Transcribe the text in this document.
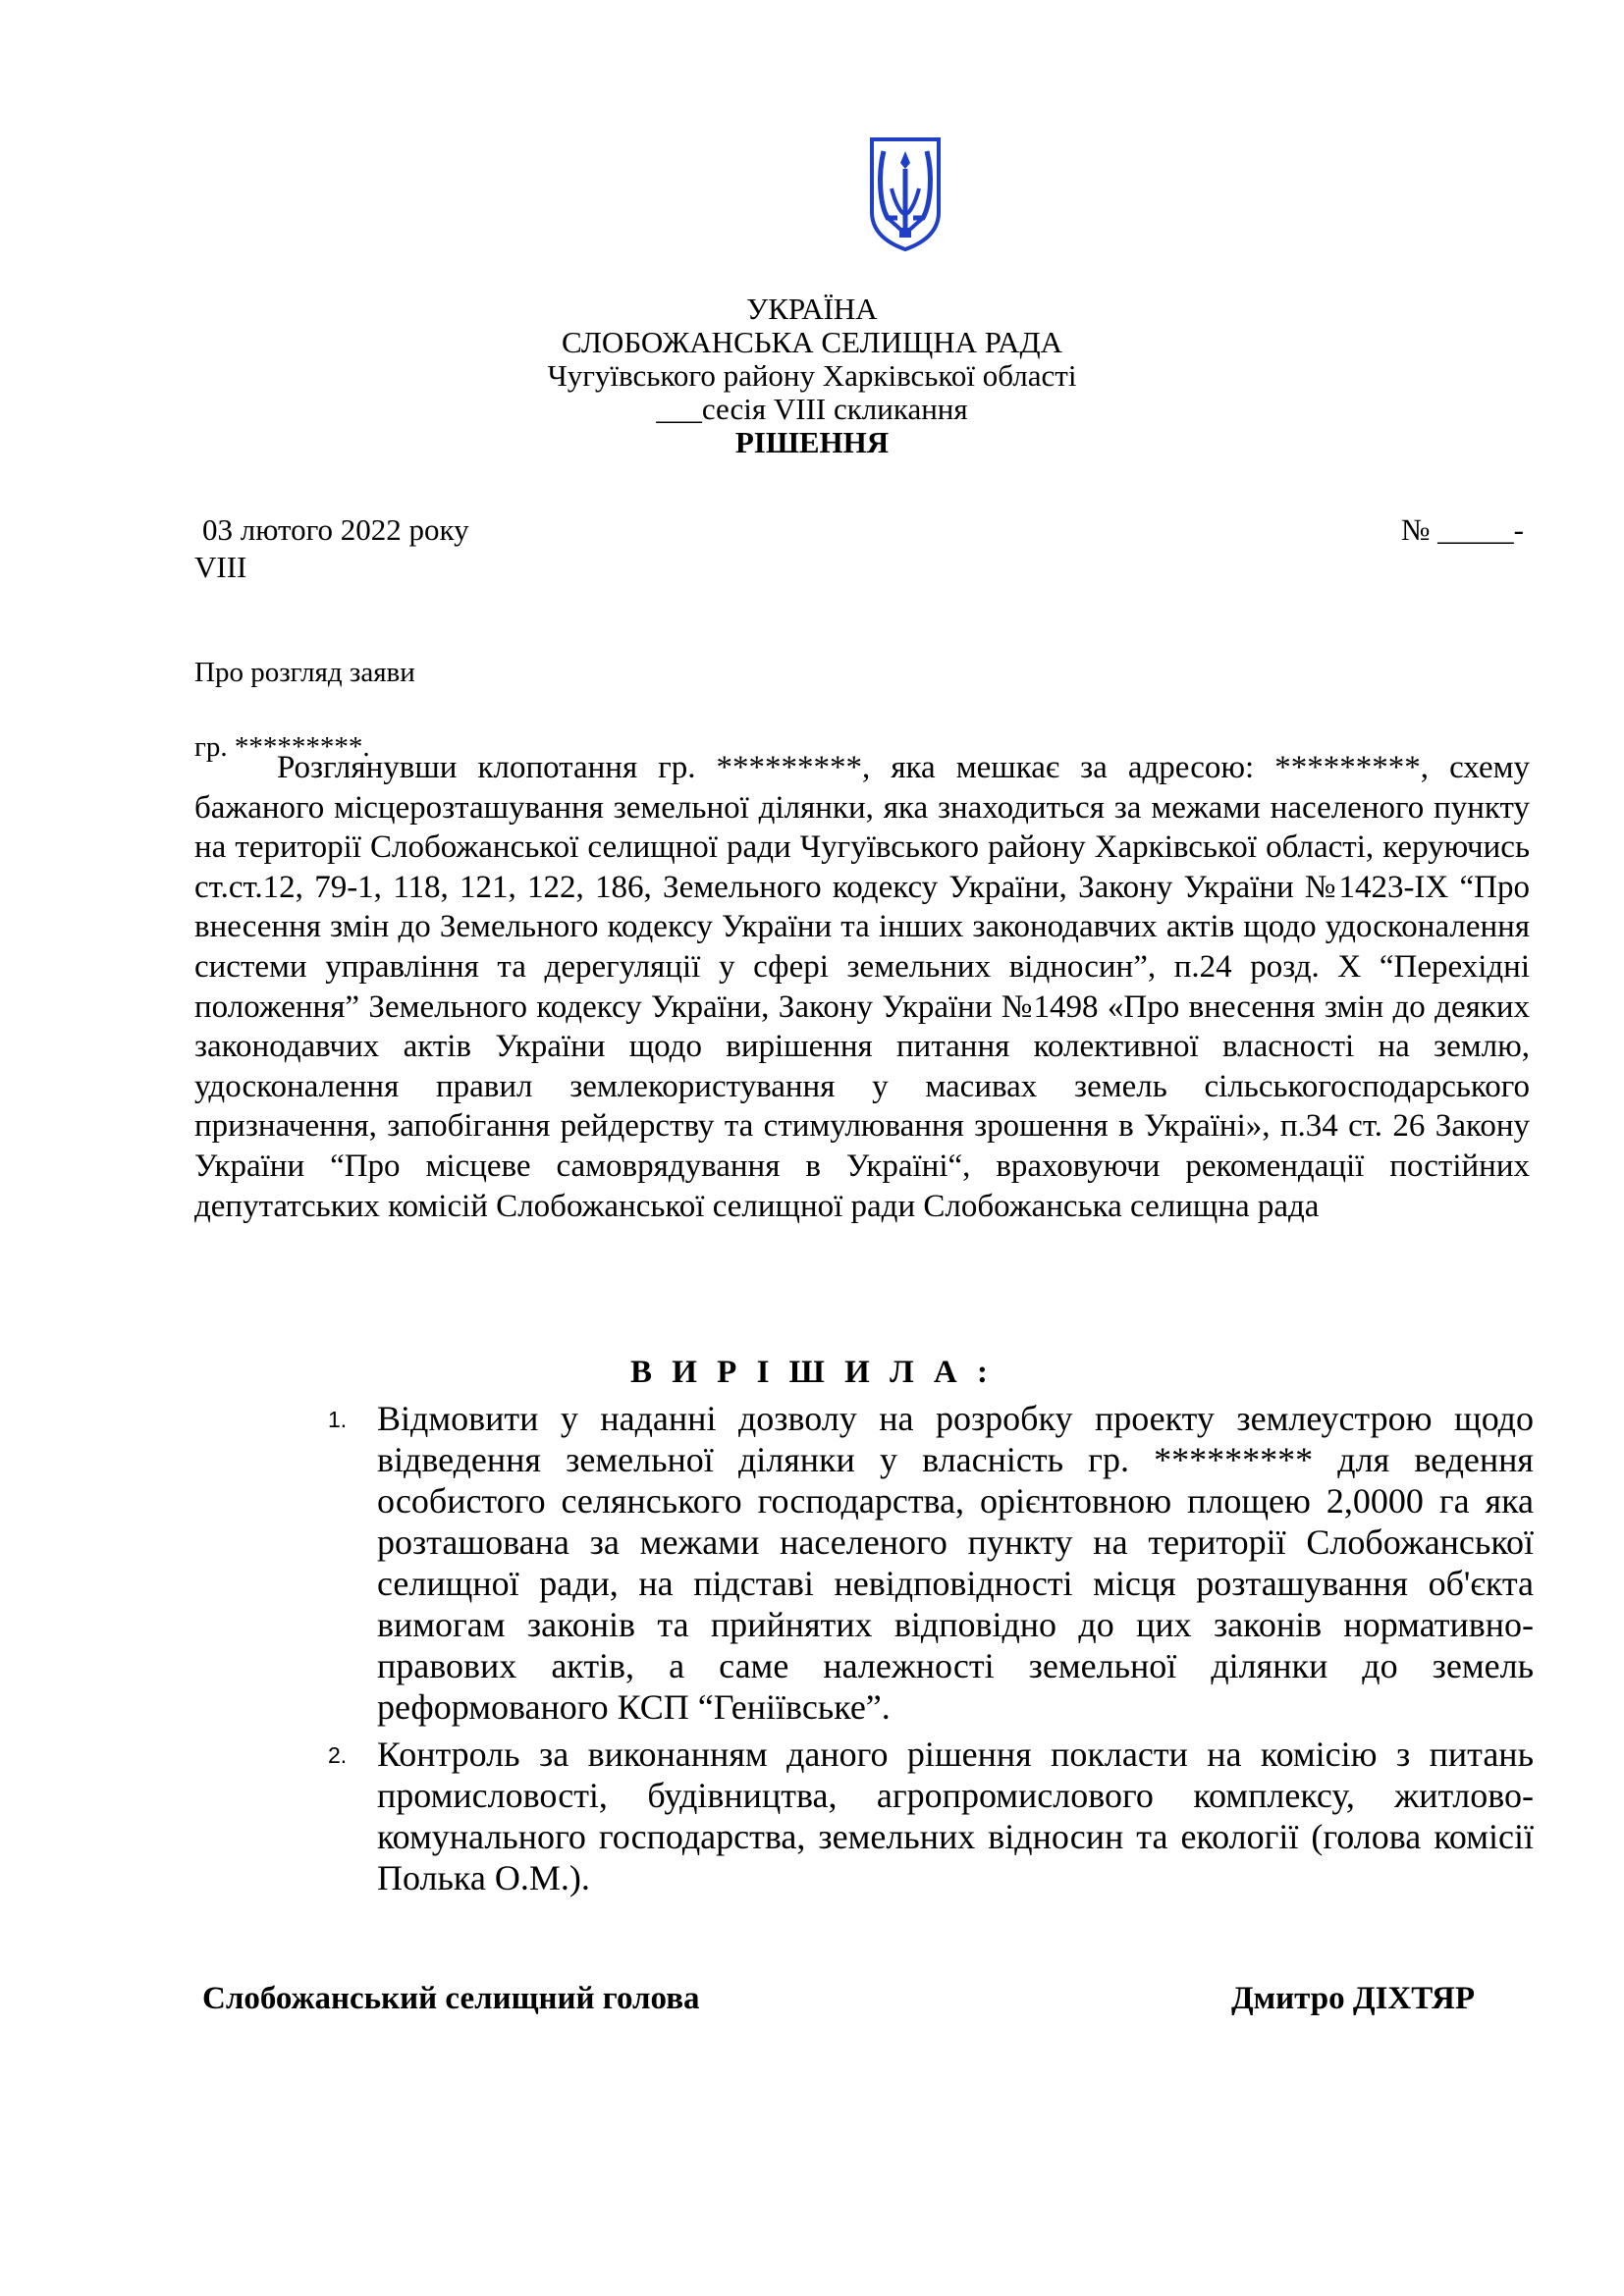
УКРАЇНА
СЛОБОЖАНСЬКА СЕЛИЩНА РАДА
Чугуївського району Харківської області
___сесія VIII скликання
РІШЕННЯ
03 лютого 2022 року	№ _____-
VIII

Про розгляд заяви

гр. *********.

Розглянувши клопотання гр. *********, яка мешкає за адресою: *********, схему бажаного місцерозташування земельної ділянки, яка знаходиться за межами населеного пункту на території Слобожанської селищної ради Чугуївського району Харківської області, керуючись ст.ст.12, 79-1, 118, 121, 122, 186, Земельного кодексу України, Закону України №1423-IX “Про внесення змін до Земельного кодексу України та інших законодавчих актів щодо удосконалення системи управління та дерегуляції у сфері земельних відносин”, п.24 розд. X “Перехідні положення” Земельного кодексу України, Закону України №1498 «Про внесення змін до деяких законодавчих актів України щодо вирішення питання колективної власності на землю, удосконалення правил землекористування у масивах земель сільськогосподарського призначення, запобігання рейдерству та стимулювання зрошення в Україні», п.34 ст. 26 Закону України “Про місцеве самоврядування в Україні“, враховуючи рекомендації постійних депутатських комісій Слобожанської селищної ради Слобожанська селищна рада

В И Р І Ш И Л А :
1. Відмовити у наданні дозволу на розробку проекту землеустрою щодо відведення земельної ділянки у власність гр. ********* для ведення особистого селянського господарства, орієнтовною площею 2,0000 га яка розташована за межами населеного пункту на території Слобожанської селищної ради, на підставі невідповідності місця розташування об'єкта вимогам законів та прийнятих відповідно до цих законів нормативно-правових актів, а саме належності земельної ділянки до земель реформованого КСП “Геніївське”.
2. Контроль за виконанням даного рішення покласти на комісію з питань промисловості, будівництва, агропромислового комплексу, житлово-комунального господарства, земельних відносин та екології (голова комісії Полька О.М.).
Слобожанський селищний голова	Дмитро ДІХТЯР
